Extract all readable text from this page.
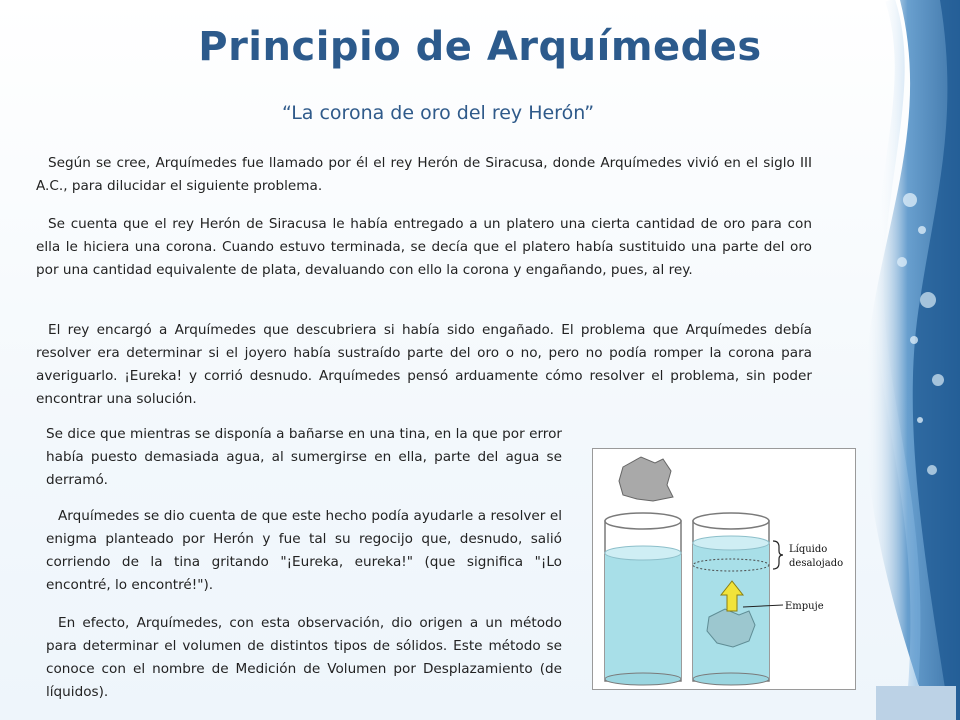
Principio de Arquímedes

“La corona de oro del rey Herón”

Según se cree, Arquímedes fue llamado por él el rey Herón de Siracusa, donde Arquímedes vivió en el siglo III A.C., para dilucidar el siguiente problema.

Se cuenta que el rey Herón de Siracusa le había entregado a un platero una cierta cantidad de oro para con ella le hiciera una corona. Cuando estuvo terminada, se decía que el platero había sustituido una parte del oro por una cantidad equivalente de plata, devaluando con ello la corona y engañando, pues, al rey.

El rey encargó a Arquímedes que descubriera si había sido engañado. El problema que Arquímedes debía resolver era determinar si el joyero había sustraído parte del oro o no, pero no podía romper la corona para averiguarlo. ¡Eureka! y corrió desnudo. Arquímedes pensó arduamente cómo resolver el problema, sin poder encontrar una solución.

Se dice que mientras se disponía a bañarse en una tina, en la que por error había puesto demasiada agua, al sumergirse en ella, parte del agua se derramó.

Arquímedes se dio cuenta de que este hecho podía ayudarle a resolver el enigma planteado por Herón y fue tal su regocijo que, desnudo, salió corriendo de la tina gritando "¡Eureka, eureka!" (que significa "¡Lo encontré, lo encontré!").

En efecto, Arquímedes, con esta observación, dio origen a un método para determinar el volumen de distintos tipos de sólidos. Este método se conoce con el nombre de Medición de Volumen por Desplazamiento (de líquidos).

Líquido
desalojado
Empuje
